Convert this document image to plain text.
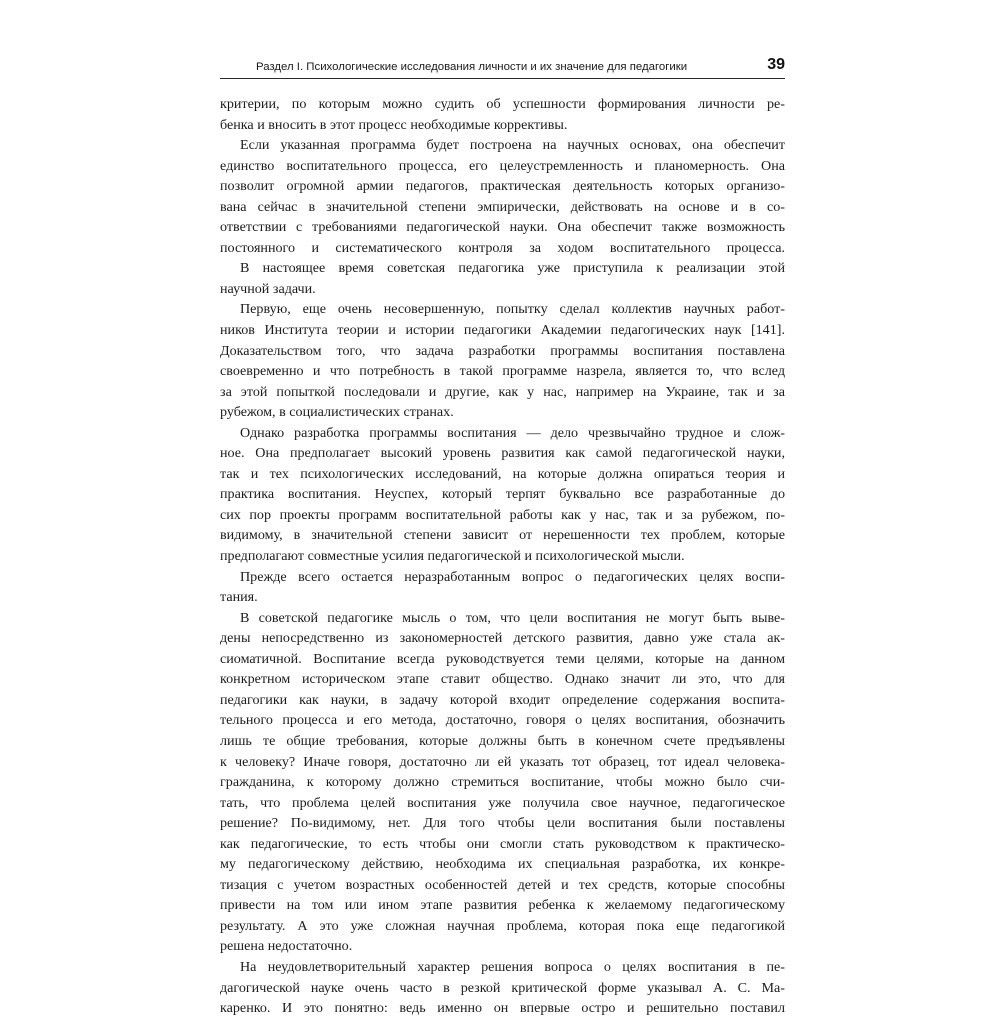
Раздел I. Психологические исследования личности и их значение для педагогики	39
критерии, по которым можно судить об успешности формирования личности ре-
бенка и вносить в этот процесс необходимые коррективы.
Если указанная программа будет построена на научных основах, она обеспечит
единство воспитательного процесса, его целеустремленность и планомерность. Она
позволит огромной армии педагогов, практическая деятельность которых организо-
вана сейчас в значительной степени эмпирически, действовать на основе и в со-
ответствии с требованиями педагогической науки. Она обеспечит также возможность
постоянного и систематического контроля за ходом воспитательного процесса.
В настоящее время советская педагогика уже приступила к реализации этой
научной задачи.
Первую, еще очень несовершенную, попытку сделал коллектив научных работ-
ников Института теории и истории педагогики Академии педагогических наук [141].
Доказательством того, что задача разработки программы воспитания поставлена
своевременно и что потребность в такой программе назрела, является то, что вслед
за этой попыткой последовали и другие, как у нас, например на Украине, так и за
рубежом, в социалистических странах.
Однако разработка программы воспитания — дело чрезвычайно трудное и слож-
ное. Она предполагает высокий уровень развития как самой педагогической науки,
так и тех психологических исследований, на которые должна опираться теория и
практика воспитания. Неуспех, который терпят буквально все разработанные до
сих пор проекты программ воспитательной работы как у нас, так и за рубежом, по-
видимому, в значительной степени зависит от нерешенности тех проблем, которые
предполагают совместные усилия педагогической и психологической мысли.
Прежде всего остается неразработанным вопрос о педагогических целях воспи-
тания.
В советской педагогике мысль о том, что цели воспитания не могут быть выве-
дены непосредственно из закономерностей детского развития, давно уже стала ак-
сиоматичной. Воспитание всегда руководствуется теми целями, которые на данном
конкретном историческом этапе ставит общество. Однако значит ли это, что для
педагогики как науки, в задачу которой входит определение содержания воспита-
тельного процесса и его метода, достаточно, говоря о целях воспитания, обозначить
лишь те общие требования, которые должны быть в конечном счете предъявлены
к человеку? Иначе говоря, достаточно ли ей указать тот образец, тот идеал человека-
гражданина, к которому должно стремиться воспитание, чтобы можно было счи-
тать, что проблема целей воспитания уже получила свое научное, педагогическое
решение? По-видимому, нет. Для того чтобы цели воспитания были поставлены
как педагогические, то есть чтобы они смогли стать руководством к практическо-
му педагогическому действию, необходима их специальная разработка, их конкре-
тизация с учетом возрастных особенностей детей и тех средств, которые способны
привести на том или ином этапе развития ребенка к желаемому педагогическому
результату. А это уже сложная научная проблема, которая пока еще педагогикой
решена недостаточно.
На неудовлетворительный характер решения вопроса о целях воспитания в пе-
дагогической науке очень часто в резкой критической форме указывал А. С. Ма-
каренко. И это понятно: ведь именно он впервые остро и решительно поставил
